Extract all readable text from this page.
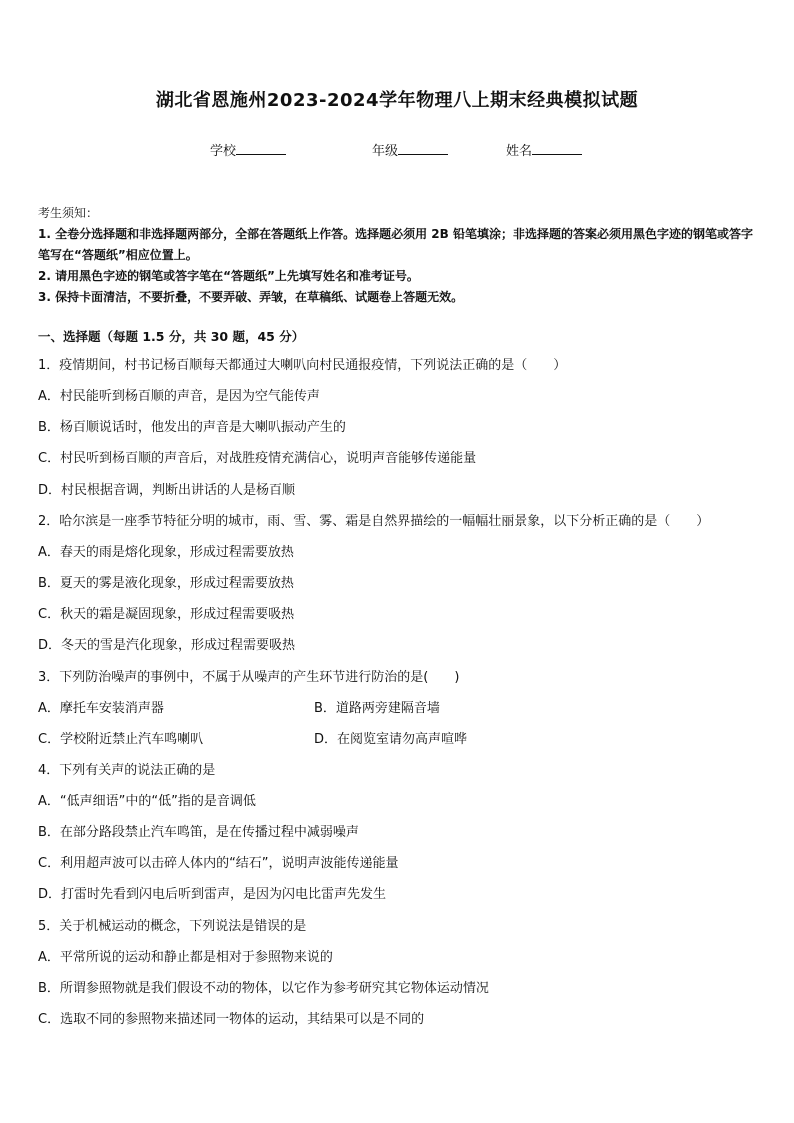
湖北省恩施州2023-2024学年物理八上期末经典模拟试题
学校	年级	姓名
考生须知：
1. 全卷分选择题和非选择题两部分，全部在答题纸上作答。选择题必须用 2B 铅笔填涂；非选择题的答案必须用黑色字迹的钢笔或答字笔写在“答题纸”相应位置上。
2. 请用黑色字迹的钢笔或答字笔在“答题纸”上先填写姓名和准考证号。
3. 保持卡面清洁，不要折叠，不要弄破、弄皱，在草稿纸、试题卷上答题无效。
一、选择题（每题 1.5 分，共 30 题，45 分）
1．疫情期间，村书记杨百顺每天都通过大喇叭向村民通报疫情，下列说法正确的是（　　）
A．村民能听到杨百顺的声音，是因为空气能传声
B．杨百顺说话时，他发出的声音是大喇叭振动产生的
C．村民听到杨百顺的声音后，对战胜疫情充满信心，说明声音能够传递能量
D．村民根据音调，判断出讲话的人是杨百顺
2．哈尔滨是一座季节特征分明的城市，雨、雪、雾、霜是自然界描绘的一幅幅壮丽景象，以下分析正确的是（　　）
A．春天的雨是熔化现象，形成过程需要放热
B．夏天的雾是液化现象，形成过程需要放热
C．秋天的霜是凝固现象，形成过程需要吸热
D．冬天的雪是汽化现象，形成过程需要吸热
3．下列防治噪声的事例中，不属于从噪声的产生环节进行防治的是(　　)
A．摩托车安装消声器	B．道路两旁建隔音墙
C．学校附近禁止汽车鸣喇叭	D．在阅览室请勿高声喧哗
4．下列有关声的说法正确的是
A．“低声细语”中的“低”指的是音调低
B．在部分路段禁止汽车鸣笛，是在传播过程中减弱噪声
C．利用超声波可以击碎人体内的“结石”，说明声波能传递能量
D．打雷时先看到闪电后听到雷声，是因为闪电比雷声先发生
5．关于机械运动的概念，下列说法是错误的是
A．平常所说的运动和静止都是相对于参照物来说的
B．所谓参照物就是我们假设不动的物体，以它作为参考研究其它物体运动情况
C．选取不同的参照物来描述同一物体的运动，其结果可以是不同的
